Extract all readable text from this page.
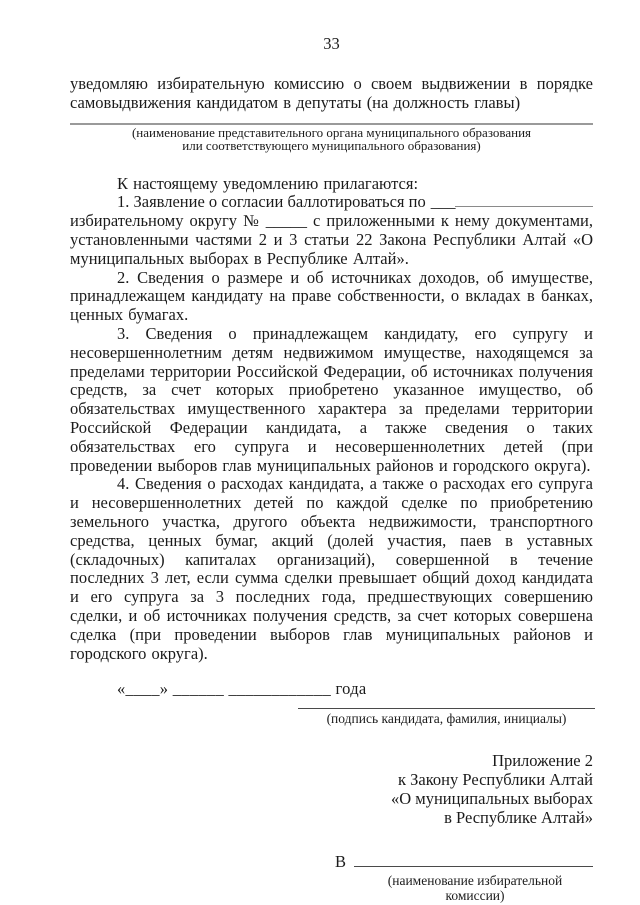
33

уведомляю избирательную комиссию о своем выдвижении в порядке самовыдвижения кандидатом в депутаты (на должность главы)

(наименование представительного органа муниципального образования
или соответствующего муниципального образования)

К настоящему уведомлению прилагаются:

1. Заявление о согласии баллотироваться по ___

избирательному округу № _____ с приложенными к нему документами, установленными частями 2 и 3 статьи 22 Закона Республики Алтай «О муниципальных выборах в Республике Алтай».

2. Сведения о размере и об источниках доходов, об имуществе, принадлежащем кандидату на праве собственности, о вкладах в банках, ценных бумагах.

3. Сведения о принадлежащем кандидату, его супругу и несовершеннолетним детям недвижимом имуществе, находящемся за пределами территории Российской Федерации, об источниках получения средств, за счет которых приобретено указанное имущество, об обязательствах имущественного характера за пределами территории Российской Федерации кандидата, а также сведения о таких обязательствах его супруга и несовершеннолетних детей (при проведении выборов глав муниципальных районов и городского округа).

4. Сведения о расходах кандидата, а также о расходах его супруга и несовершеннолетних детей по каждой сделке по приобретению земельного участка, другого объекта недвижимости, транспортного средства, ценных бумаг, акций (долей участия, паев в уставных (складочных) капиталах организаций), совершенной в течение последних 3 лет, если сумма сделки превышает общий доход кандидата и его супруга за 3 последних года, предшествующих совершению сделки, и об источниках получения средств, за счет которых совершена сделка (при проведении выборов глав муниципальных районов и городского округа).

«____» ______ ____________ года

(подпись кандидата, фамилия, инициалы)
Приложение 2
к Закону Республики Алтай
«О муниципальных выборах
в Республике Алтай»
В
(наименование избирательной комиссии)
